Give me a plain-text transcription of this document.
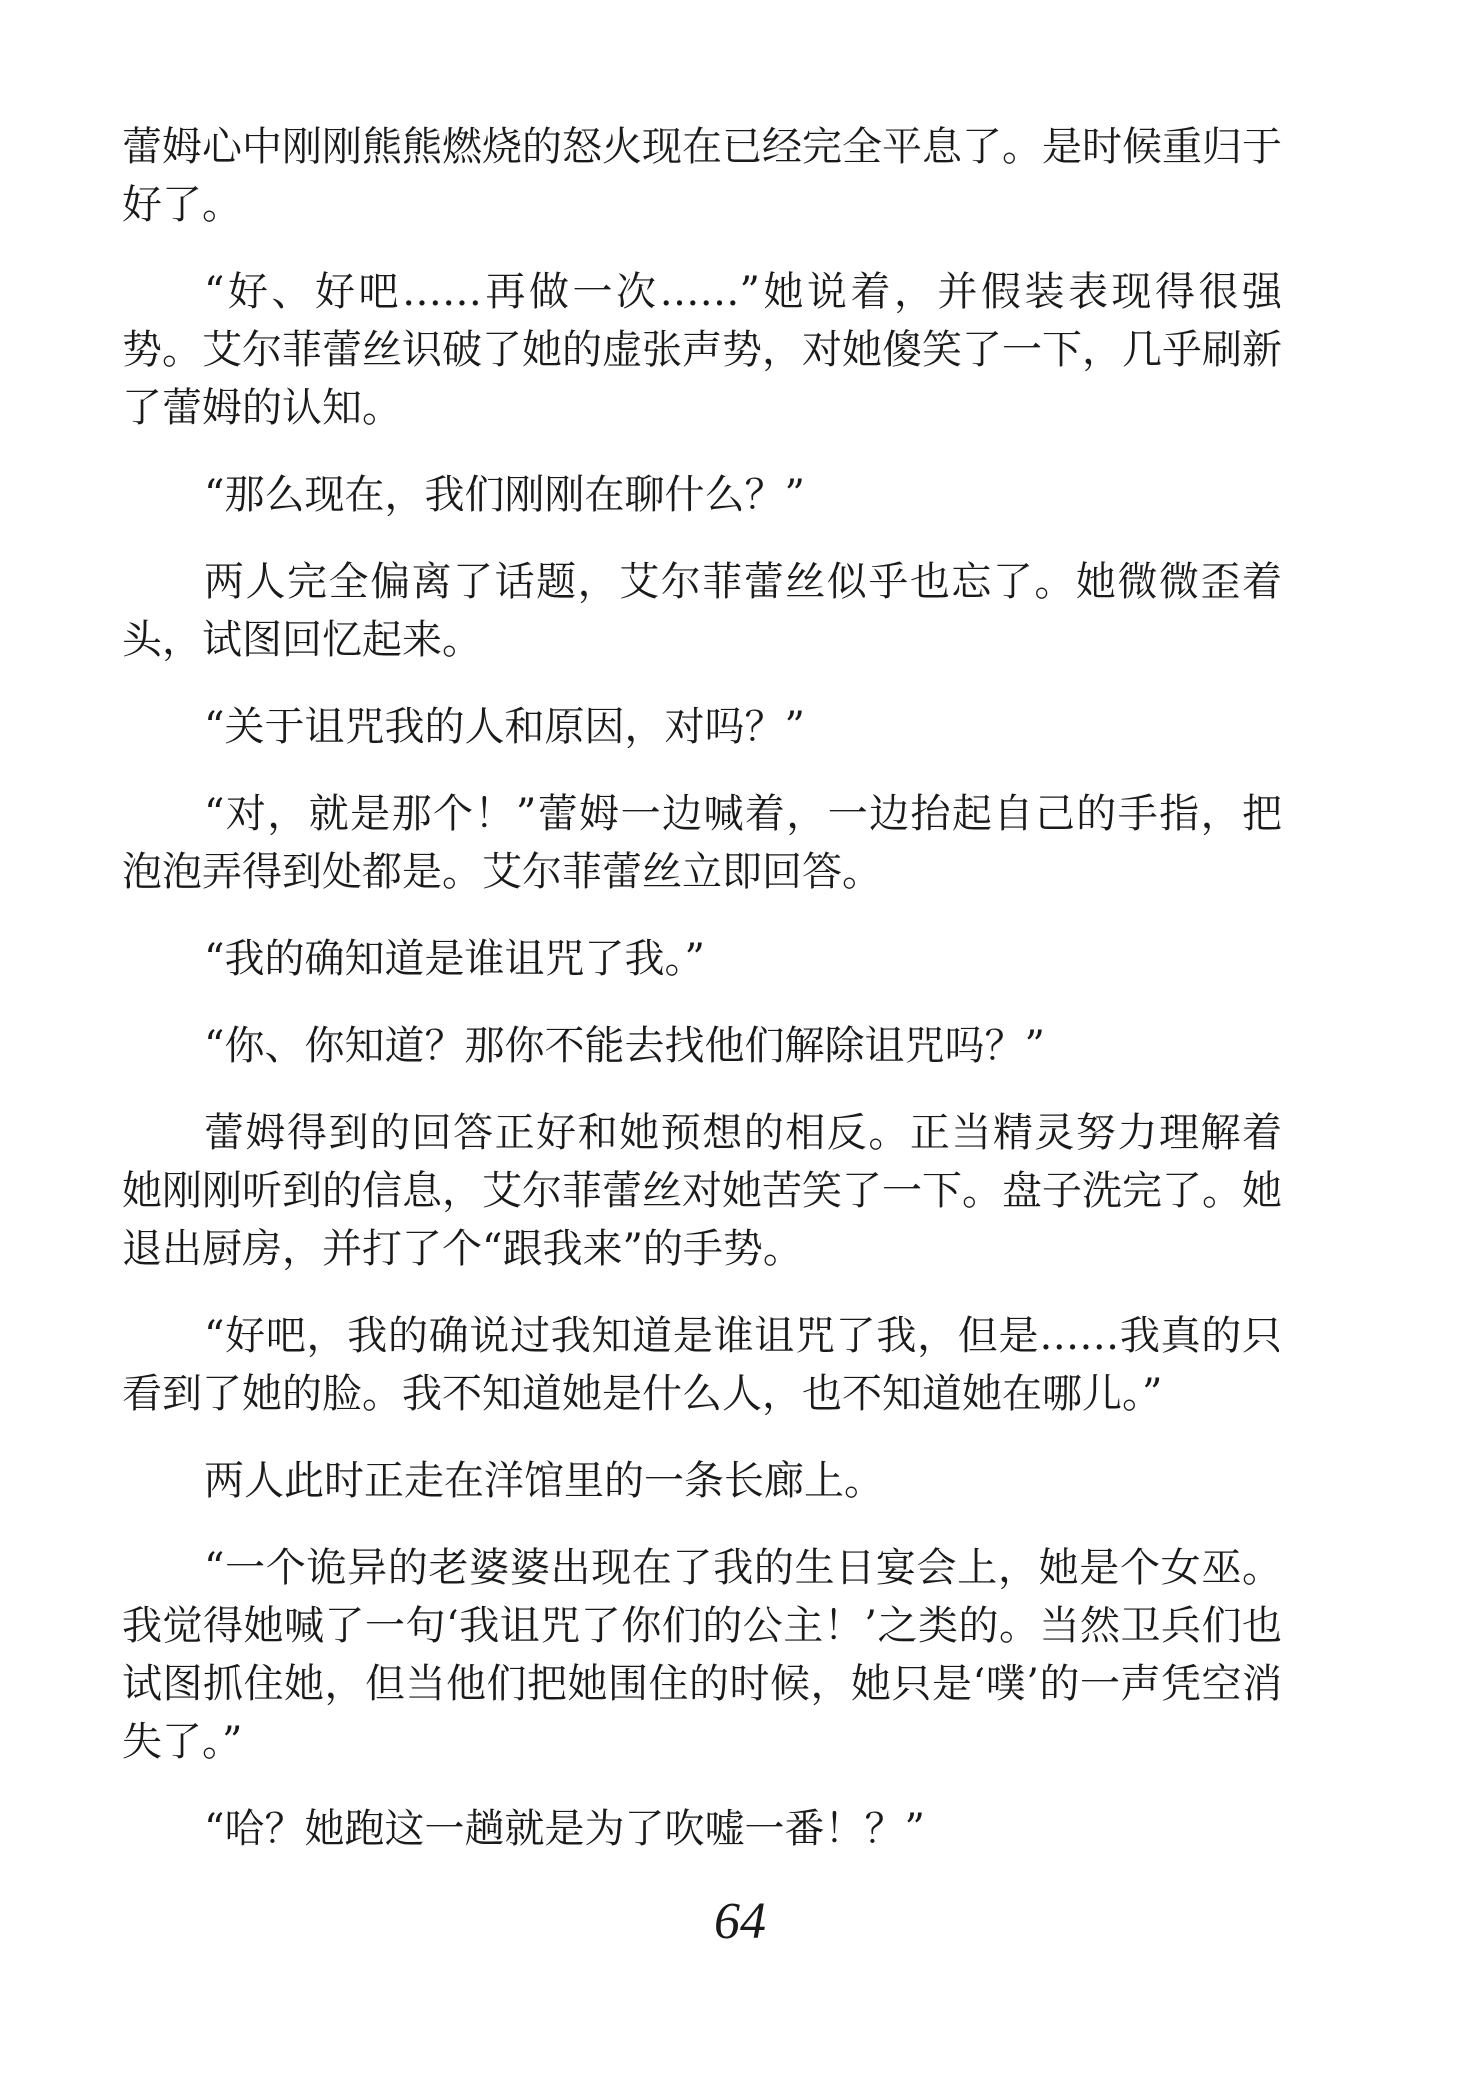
蕾姆心中刚刚熊熊燃烧的怒火现在已经完全平息了。是时候重归于好了。

“好、好吧……再做一次……”她说着，并假装表现得很强势。艾尔菲蕾丝识破了她的虚张声势，对她傻笑了一下，几乎刷新了蕾姆的认知。

“那么现在，我们刚刚在聊什么？”

两人完全偏离了话题，艾尔菲蕾丝似乎也忘了。她微微歪着头，试图回忆起来。

“关于诅咒我的人和原因，对吗？”

“对，就是那个！”蕾姆一边喊着，一边抬起自己的手指，把泡泡弄得到处都是。艾尔菲蕾丝立即回答。

“我的确知道是谁诅咒了我。”

“你、你知道？那你不能去找他们解除诅咒吗？”

蕾姆得到的回答正好和她预想的相反。正当精灵努力理解着她刚刚听到的信息，艾尔菲蕾丝对她苦笑了一下。盘子洗完了。她退出厨房，并打了个“跟我来”的手势。

“好吧，我的确说过我知道是谁诅咒了我，但是……我真的只看到了她的脸。我不知道她是什么人，也不知道她在哪儿。”

两人此时正走在洋馆里的一条长廊上。

“一个诡异的老婆婆出现在了我的生日宴会上，她是个女巫。我觉得她喊了一句‘我诅咒了你们的公主！’之类的。当然卫兵们也试图抓住她，但当他们把她围住的时候，她只是‘噗’的一声凭空消失了。”

“哈？她跑这一趟就是为了吹嘘一番！？”

64
